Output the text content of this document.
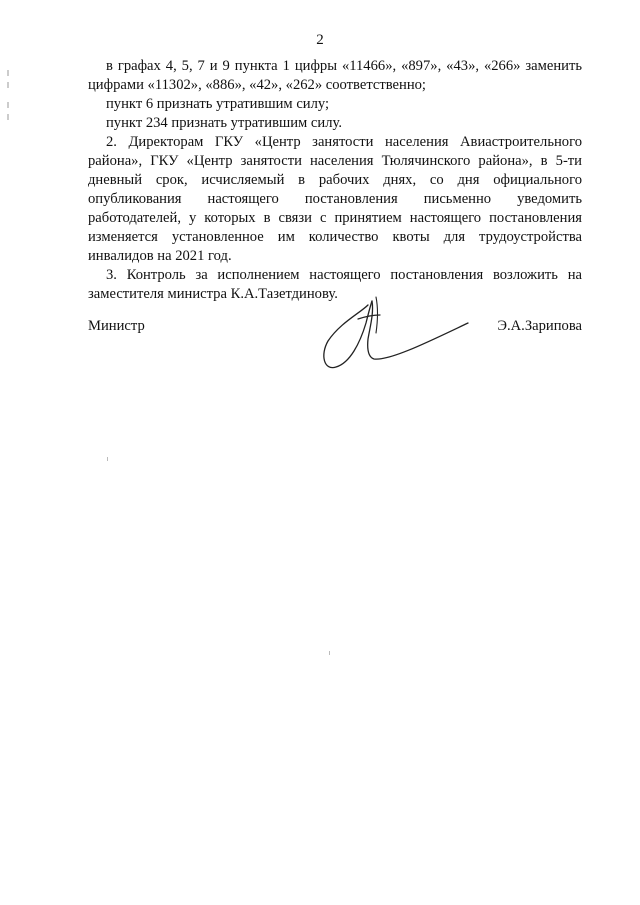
2

в графах 4, 5, 7 и 9 пункта 1 цифры «11466», «897», «43», «266» заменить цифрами «11302», «886», «42», «262» соответственно;

пункт 6 признать утратившим силу;

пункт 234 признать утратившим силу.

2. Директорам ГКУ «Центр занятости населения Авиастроительного района», ГКУ «Центр занятости населения Тюлячинского района», в 5-ти дневный срок, исчисляемый в рабочих днях, со дня официального опубликования настоящего постановления письменно уведомить работодателей, у которых в связи с принятием настоящего постановления изменяется установленное им количество квоты для трудоустройства инвалидов на 2021 год.

3. Контроль за исполнением настоящего постановления возложить на заместителя министра К.А.Тазетдинову.

Министр	Э.А.Зарипова
